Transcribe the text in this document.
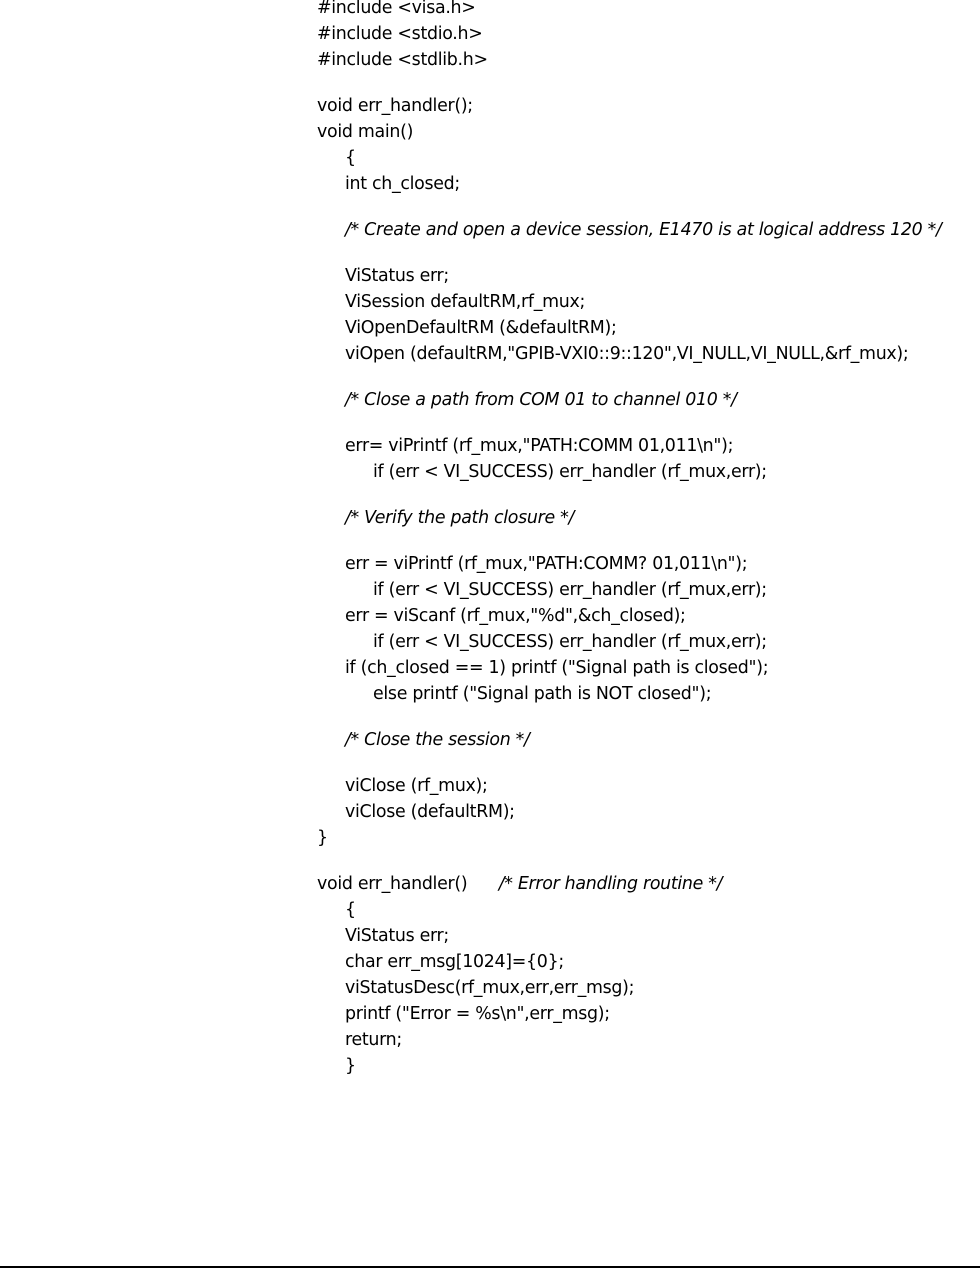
#include <visa.h>
#include <stdio.h>
#include <stdlib.h>
void err_handler();
void main()
{
int ch_closed;
/* Create and open a device session, E1470 is at logical address 120 */
ViStatus err;
ViSession defaultRM,rf_mux;
ViOpenDefaultRM (&defaultRM);
viOpen (defaultRM,"GPIB-VXI0::9::120",VI_NULL,VI_NULL,&rf_mux);
/* Close a path from COM 01 to channel 010 */
err= viPrintf (rf_mux,"PATH:COMM 01,011\n");
if (err < VI_SUCCESS) err_handler (rf_mux,err);
/* Verify the path closure */
err = viPrintf (rf_mux,"PATH:COMM? 01,011\n");
if (err < VI_SUCCESS) err_handler (rf_mux,err);
err = viScanf (rf_mux,"%d",&ch_closed);
if (err < VI_SUCCESS) err_handler (rf_mux,err);
if (ch_closed == 1) printf ("Signal path is closed");
else printf ("Signal path is NOT closed");
/* Close the session */
viClose (rf_mux);
viClose (defaultRM);
}
void err_handler() /* Error handling routine */
{
ViStatus err;
char err_msg[1024]={0};
viStatusDesc(rf_mux,err,err_msg);
printf ("Error = %s\n",err_msg);
return;
}
